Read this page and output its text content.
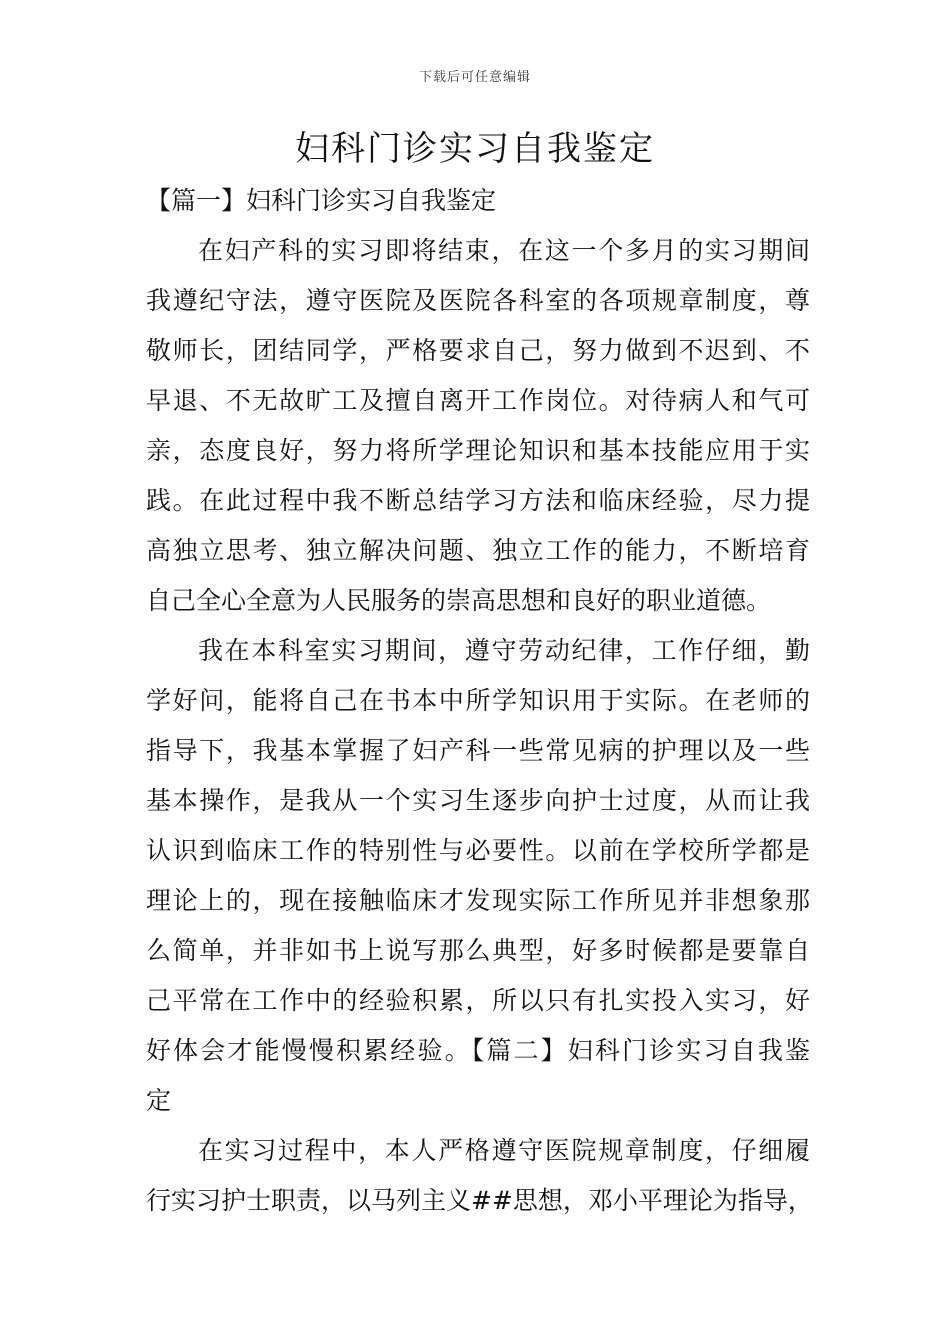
下载后可任意编辑
妇科门诊实习自我鉴定
【篇一】妇科门诊实习自我鉴定
在妇产科的实习即将结束，在这一个多月的实习期间
我遵纪守法，遵守医院及医院各科室的各项规章制度，尊
敬师长，团结同学，严格要求自己，努力做到不迟到、不
早退、不无故旷工及擅自离开工作岗位。对待病人和气可
亲，态度良好，努力将所学理论知识和基本技能应用于实
践。在此过程中我不断总结学习方法和临床经验，尽力提
高独立思考、独立解决问题、独立工作的能力，不断培育
自己全心全意为人民服务的崇高思想和良好的职业道德。
我在本科室实习期间，遵守劳动纪律，工作仔细，勤
学好问，能将自己在书本中所学知识用于实际。在老师的
指导下，我基本掌握了妇产科一些常见病的护理以及一些
基本操作，是我从一个实习生逐步向护士过度，从而让我
认识到临床工作的特别性与必要性。以前在学校所学都是
理论上的，现在接触临床才发现实际工作所见并非想象那
么简单，并非如书上说写那么典型，好多时候都是要靠自
己平常在工作中的经验积累，所以只有扎实投入实习，好
好体会才能慢慢积累经验。【篇二】妇科门诊实习自我鉴
定
在实习过程中，本人严格遵守医院规章制度，仔细履
行实习护士职责，以马列主义##思想，邓小平理论为指导，
